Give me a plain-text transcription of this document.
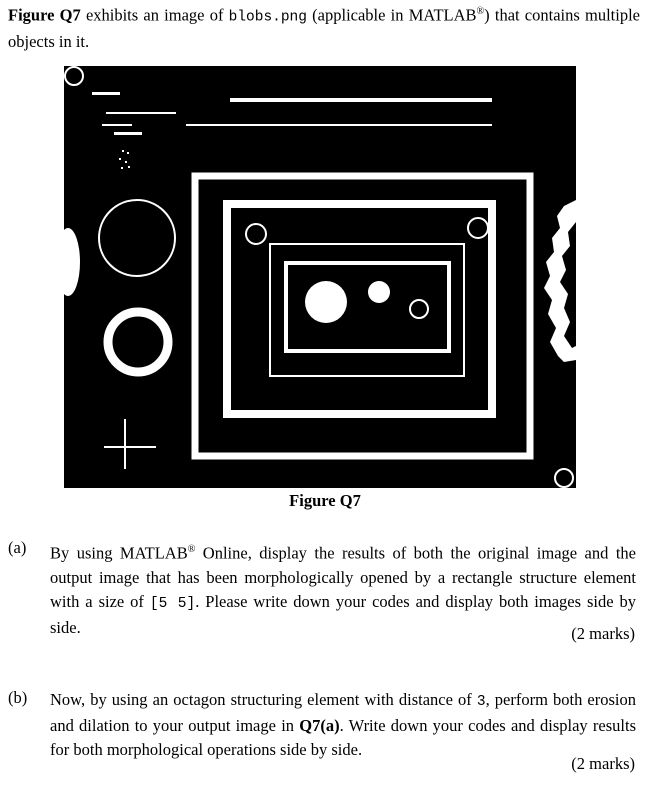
Figure Q7 exhibits an image of blobs.png (applicable in MATLAB®) that contains multiple objects in it.
Figure Q7
(a) By using MATLAB® Online, display the results of both the original image and the output image that has been morphologically opened by a rectangle structure element with a size of [5 5]. Please write down your codes and display both images side by side.	(2 marks)
(b) Now, by using an octagon structuring element with distance of 3, perform both erosion and dilation to your output image in Q7(a). Write down your codes and display results for both morphological operations side by side.
(2 marks)
